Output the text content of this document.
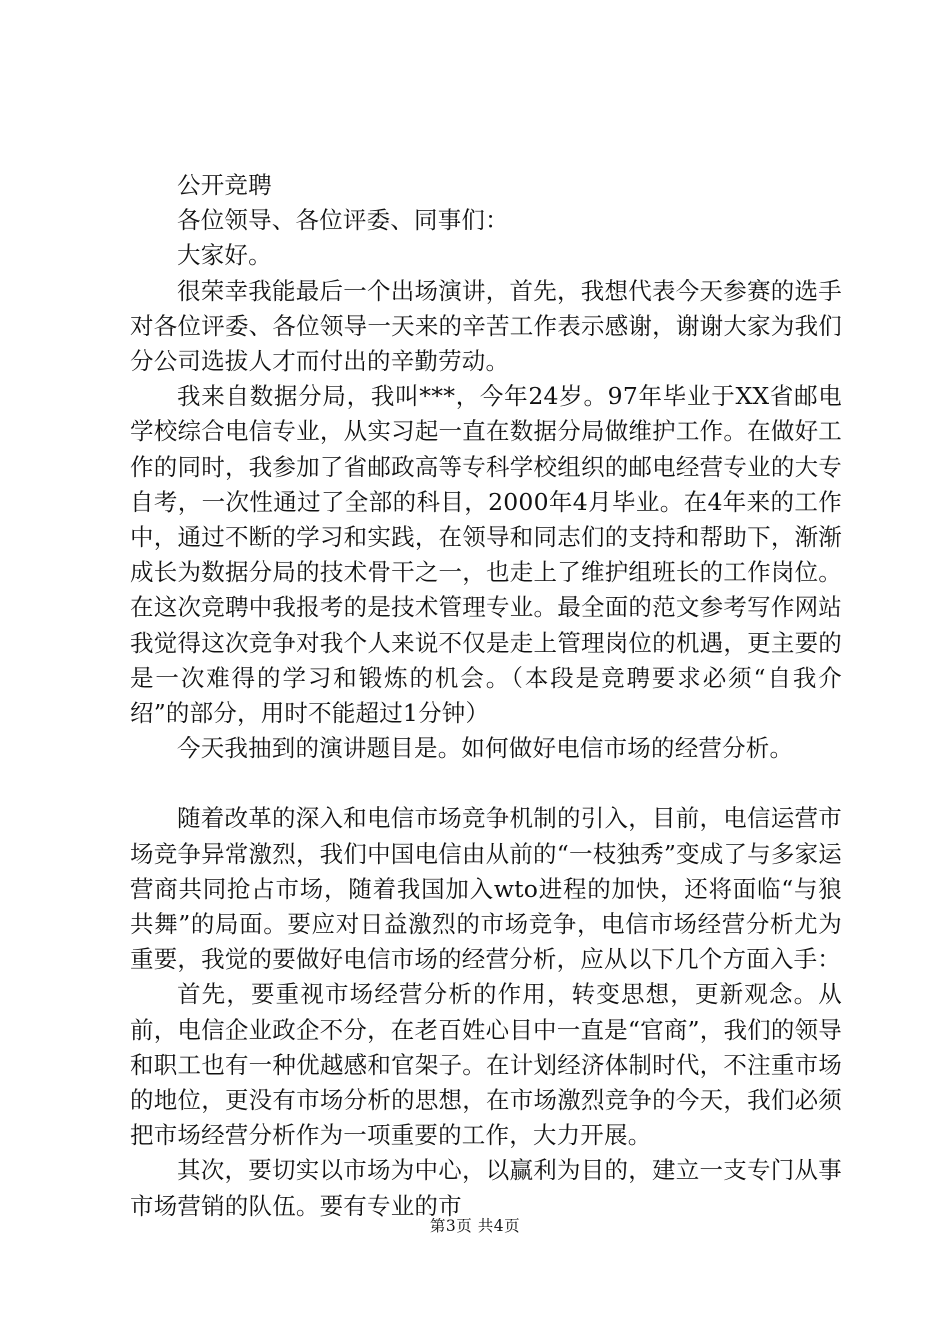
公开竞聘

各位领导、各位评委、同事们：

大家好。

很荣幸我能最后一个出场演讲，首先，我想代表今天参赛的选手对各位评委、各位领导一天来的辛苦工作表示感谢，谢谢大家为我们分公司选拔人才而付出的辛勤劳动。

我来自数据分局，我叫***，今年24岁。97年毕业于XX省邮电学校综合电信专业，从实习起一直在数据分局做维护工作。在做好工作的同时，我参加了省邮政高等专科学校组织的邮电经营专业的大专自考，一次性通过了全部的科目，2000年4月毕业。在4年来的工作中，通过不断的学习和实践，在领导和同志们的支持和帮助下，渐渐成长为数据分局的技术骨干之一，也走上了维护组班长的工作岗位。在这次竞聘中我报考的是技术管理专业。最全面的范文参考写作网站我觉得这次竞争对我个人来说不仅是走上管理岗位的机遇，更主要的是一次难得的学习和锻炼的机会。（本段是竞聘要求必须“自我介绍”的部分，用时不能超过1分钟）

今天我抽到的演讲题目是。如何做好电信市场的经营分析。

随着改革的深入和电信市场竞争机制的引入，目前，电信运营市场竞争异常激烈，我们中国电信由从前的“一枝独秀”变成了与多家运营商共同抢占市场，随着我国加入wto进程的加快，还将面临“与狼共舞”的局面。要应对日益激烈的市场竞争，电信市场经营分析尤为重要，我觉的要做好电信市场的经营分析，应从以下几个方面入手：

首先，要重视市场经营分析的作用，转变思想，更新观念。从前，电信企业政企不分，在老百姓心目中一直是“官商”，我们的领导和职工也有一种优越感和官架子。在计划经济体制时代，不注重市场的地位，更没有市场分析的思想，在市场激烈竞争的今天，我们必须把市场经营分析作为一项重要的工作，大力开展。

其次，要切实以市场为中心，以赢利为目的，建立一支专门从事市场营销的队伍。要有专业的市

第3页 共4页
